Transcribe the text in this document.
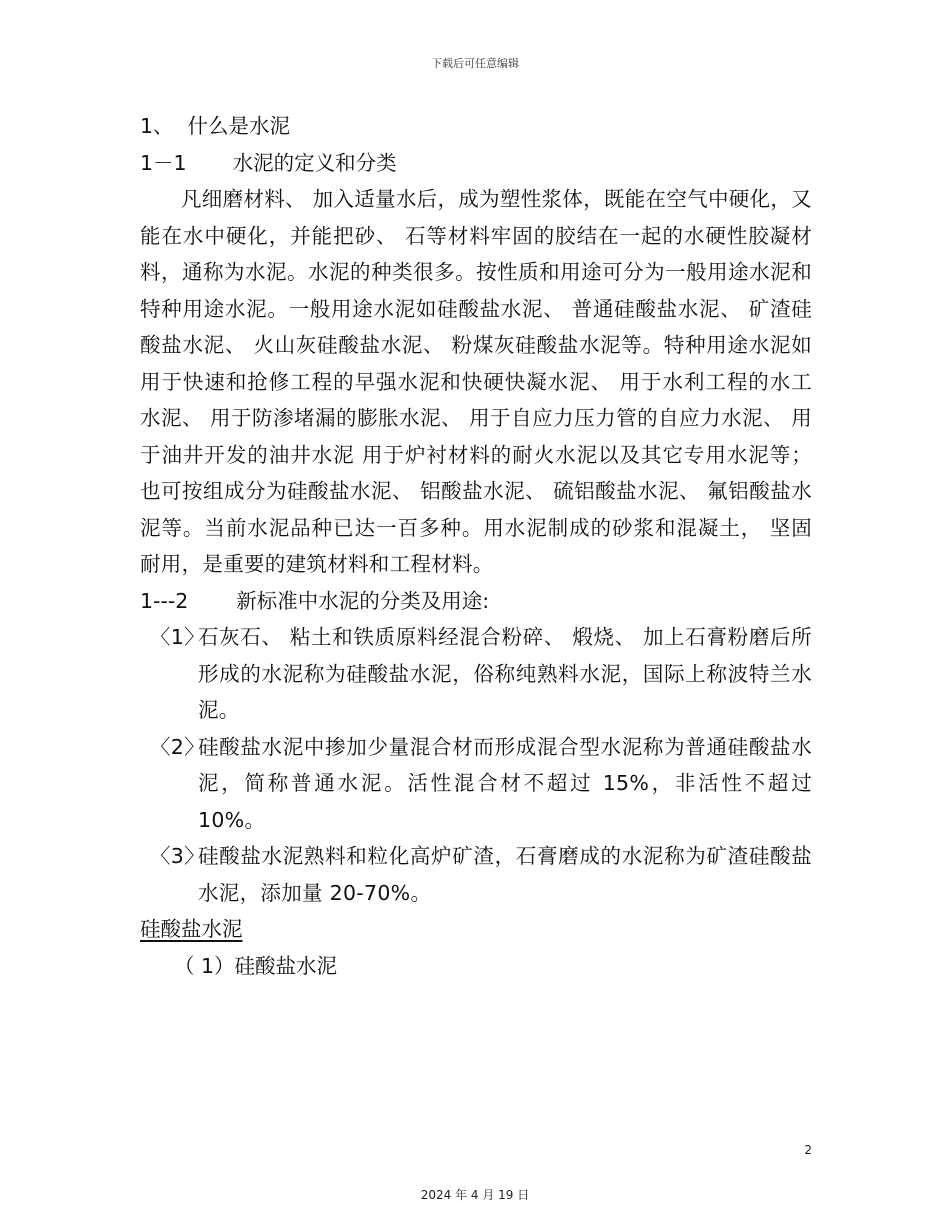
下载后可任意编辑
1、 什么是水泥
1－1 水泥的定义和分类
凡细磨材料、 加入适量水后，成为塑性浆体，既能在空气中硬化，又能在水中硬化，并能把砂、 石等材料牢固的胶结在一起的水硬性胶凝材料，通称为水泥。水泥的种类很多。按性质和用途可分为一般用途水泥和特种用途水泥。一般用途水泥如硅酸盐水泥、 普通硅酸盐水泥、 矿渣硅酸盐水泥、 火山灰硅酸盐水泥、 粉煤灰硅酸盐水泥等。特种用途水泥如用于快速和抢修工程的早强水泥和快硬快凝水泥、 用于水利工程的水工水泥、 用于防渗堵漏的膨胀水泥、 用于自应力压力管的自应力水泥、 用于油井开发的油井水泥 用于炉衬材料的耐火水泥以及其它专用水泥等；也可按组成分为硅酸盐水泥、 铝酸盐水泥、 硫铝酸盐水泥、 氟铝酸盐水泥等。当前水泥品种已达一百多种。用水泥制成的砂浆和混凝土， 坚固耐用，是重要的建筑材料和工程材料。
1---2 新标准中水泥的分类及用途:
〈1〉
石灰石、 粘土和铁质原料经混合粉碎、 煅烧、 加上石膏粉磨后所形成的水泥称为硅酸盐水泥，俗称纯熟料水泥，国际上称波特兰水泥。
〈2〉
硅酸盐水泥中掺加少量混合材而形成混合型水泥称为普通硅酸盐水泥，简称普通水泥。活性混合材不超过 15%，非活性不超过 10%。
〈3〉
硅酸盐水泥熟料和粒化高炉矿渣，石膏磨成的水泥称为矿渣硅酸盐水泥，添加量 20-70%。
硅酸盐水泥
（ 1）硅酸盐水泥
2
2024 年 4 月 19 日
